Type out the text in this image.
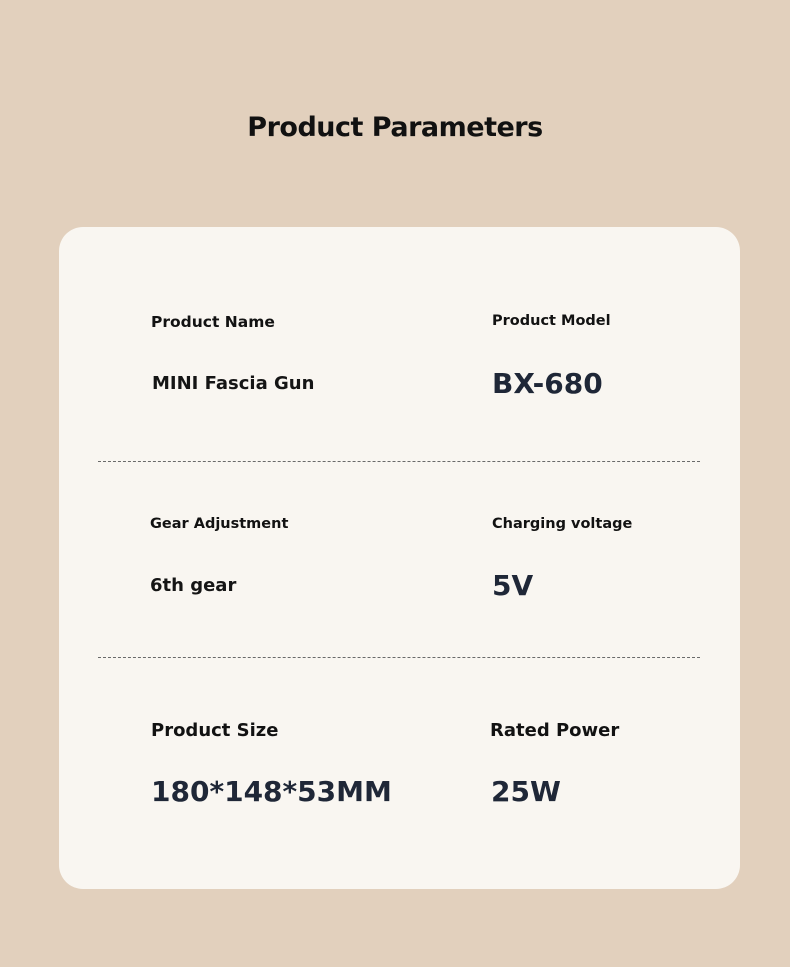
Product Parameters
Product Name	Product Model
MINI Fascia Gun	BX-680
Gear Adjustment	Charging voltage
6th gear	5V
Product Size	Rated Power
180*148*53MM	25W
